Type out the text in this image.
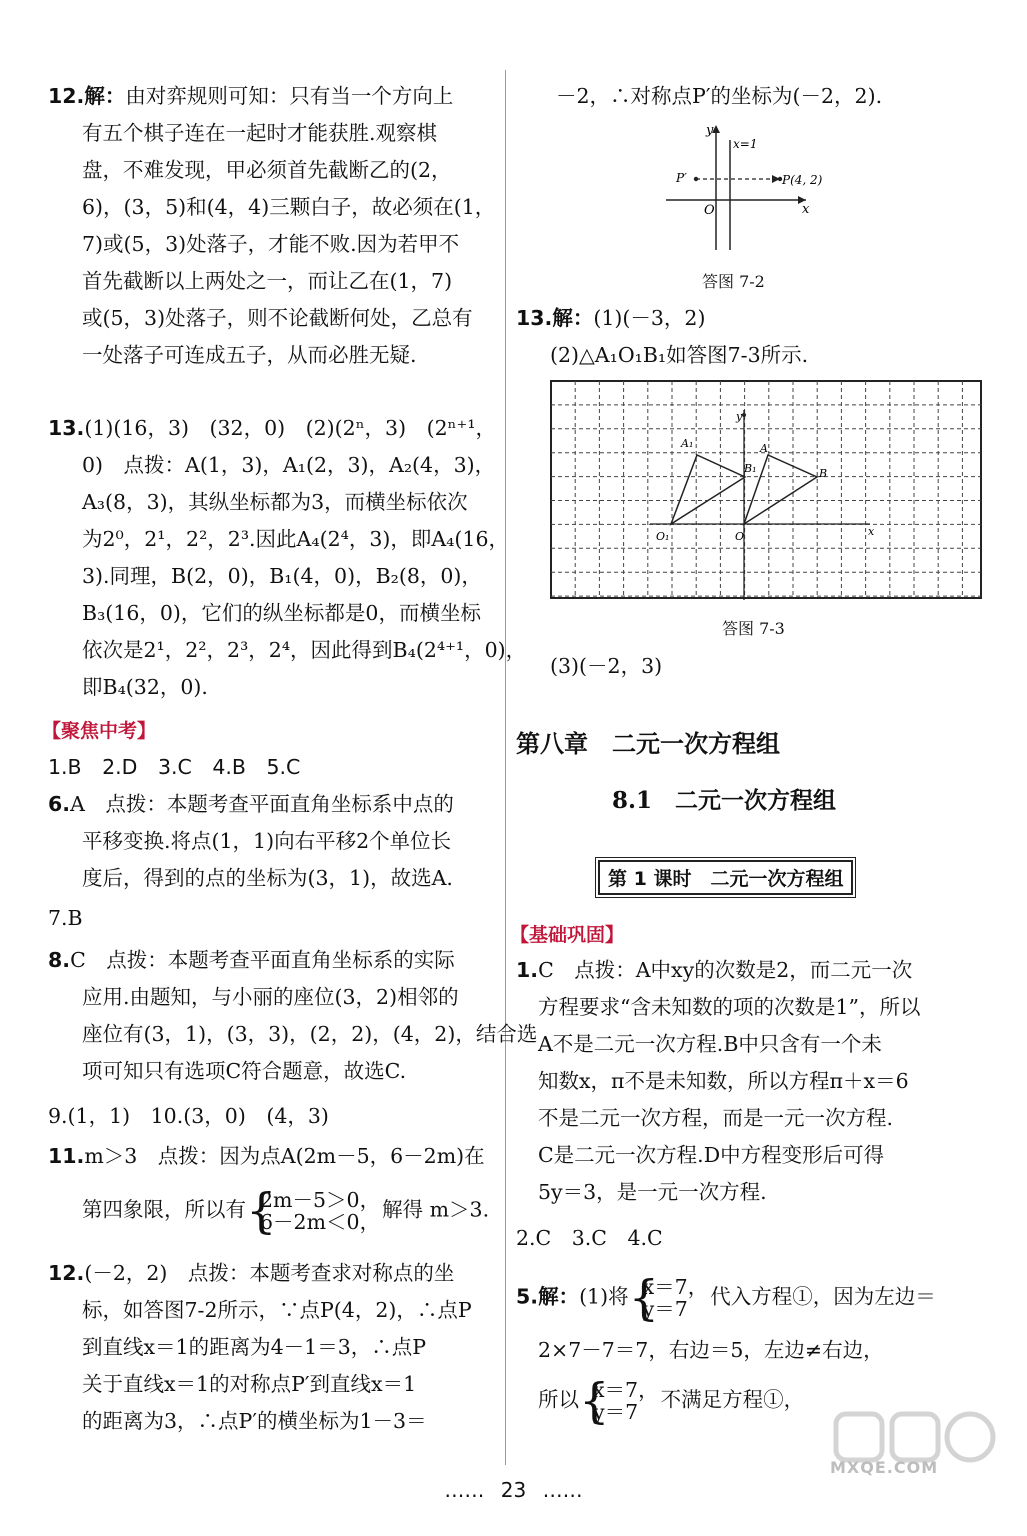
12.解：由对弈规则可知：只有当一个方向上
有五个棋子连在一起时才能获胜.观察棋
盘，不难发现，甲必须首先截断乙的(2，
6)，(3，5)和(4，4)三颗白子，故必须在(1，
7)或(5，3)处落子，才能不败.因为若甲不
首先截断以上两处之一，而让乙在(1，7)
或(5，3)处落子，则不论截断何处，乙总有
一处落子可连成五子，从而必胜无疑.
13.(1)(16，3)　(32，0)　(2)(2ⁿ，3)　(2ⁿ⁺¹，
0)　点拨：A(1，3)，A₁(2，3)，A₂(4，3)，
A₃(8，3)，其纵坐标都为3，而横坐标依次
为2⁰，2¹，2²，2³.因此A₄(2⁴，3)，即A₄(16，
3).同理，B(2，0)，B₁(4，0)，B₂(8，0)，
B₃(16，0)，它们的纵坐标都是0，而横坐标
依次是2¹，2²，2³，2⁴，因此得到B₄(2⁴⁺¹，0)，
即B₄(32，0).
【聚焦中考】
1.B　2.D　3.C　4.B　5.C
6.A　点拨：本题考查平面直角坐标系中点的
平移变换.将点(1，1)向右平移2个单位长
度后，得到的点的坐标为(3，1)，故选A.
7.B
8.C　点拨：本题考查平面直角坐标系的实际
应用.由题知，与小丽的座位(3，2)相邻的
座位有(3，1)，(3，3)，(2，2)，(4，2)，结合选
项可知只有选项C符合题意，故选C.
9.(1，1)　10.(3，0)　(4，3)
11.m＞3　点拨：因为点A(2m－5，6－2m)在
第四象限，所以有 { 2m－5＞0，
6－2m＜0，
解得 m＞3.
12.(－2，2)　点拨：本题考查求对称点的坐
标，如答图7-2所示，∵点P(4，2)，∴点P
到直线x＝1的距离为4－1＝3，∴点P
关于直线x＝1的对称点P′到直线x＝1
的距离为3，∴点P′的横坐标为1－3＝
－2，∴对称点P′的坐标为(－2，2).
y
x
O
x=1
P(4, 2)
P′
答图 7-2
13.解：(1)(－3，2)
(2)△A₁O₁B₁如答图7-3所示.
y
x
O
O₁
A
A₁
B
B₁
答图 7-3
(3)(－2，3)
第八章　二元一次方程组
8.1　二元一次方程组
第 1 课时　二元一次方程组
【基础巩固】
1.C　点拨：A中xy的次数是2，而二元一次
方程要求“含未知数的项的次数是1”，所以
A不是二元一次方程.B中只含有一个未
知数x，π不是未知数，所以方程π＋x＝6
不是二元一次方程，而是一元一次方程.
C是二元一次方程.D中方程变形后可得
5y＝3，是一元一次方程.
2.C　3.C　4.C
5.解：(1)将 { x＝7，
y＝7
代入方程①，因为左边＝
2×7－7＝7，右边＝5，左边≠右边，
所以 { x＝7，
y＝7
不满足方程①，
…… 23 ……
MXQE.COM
